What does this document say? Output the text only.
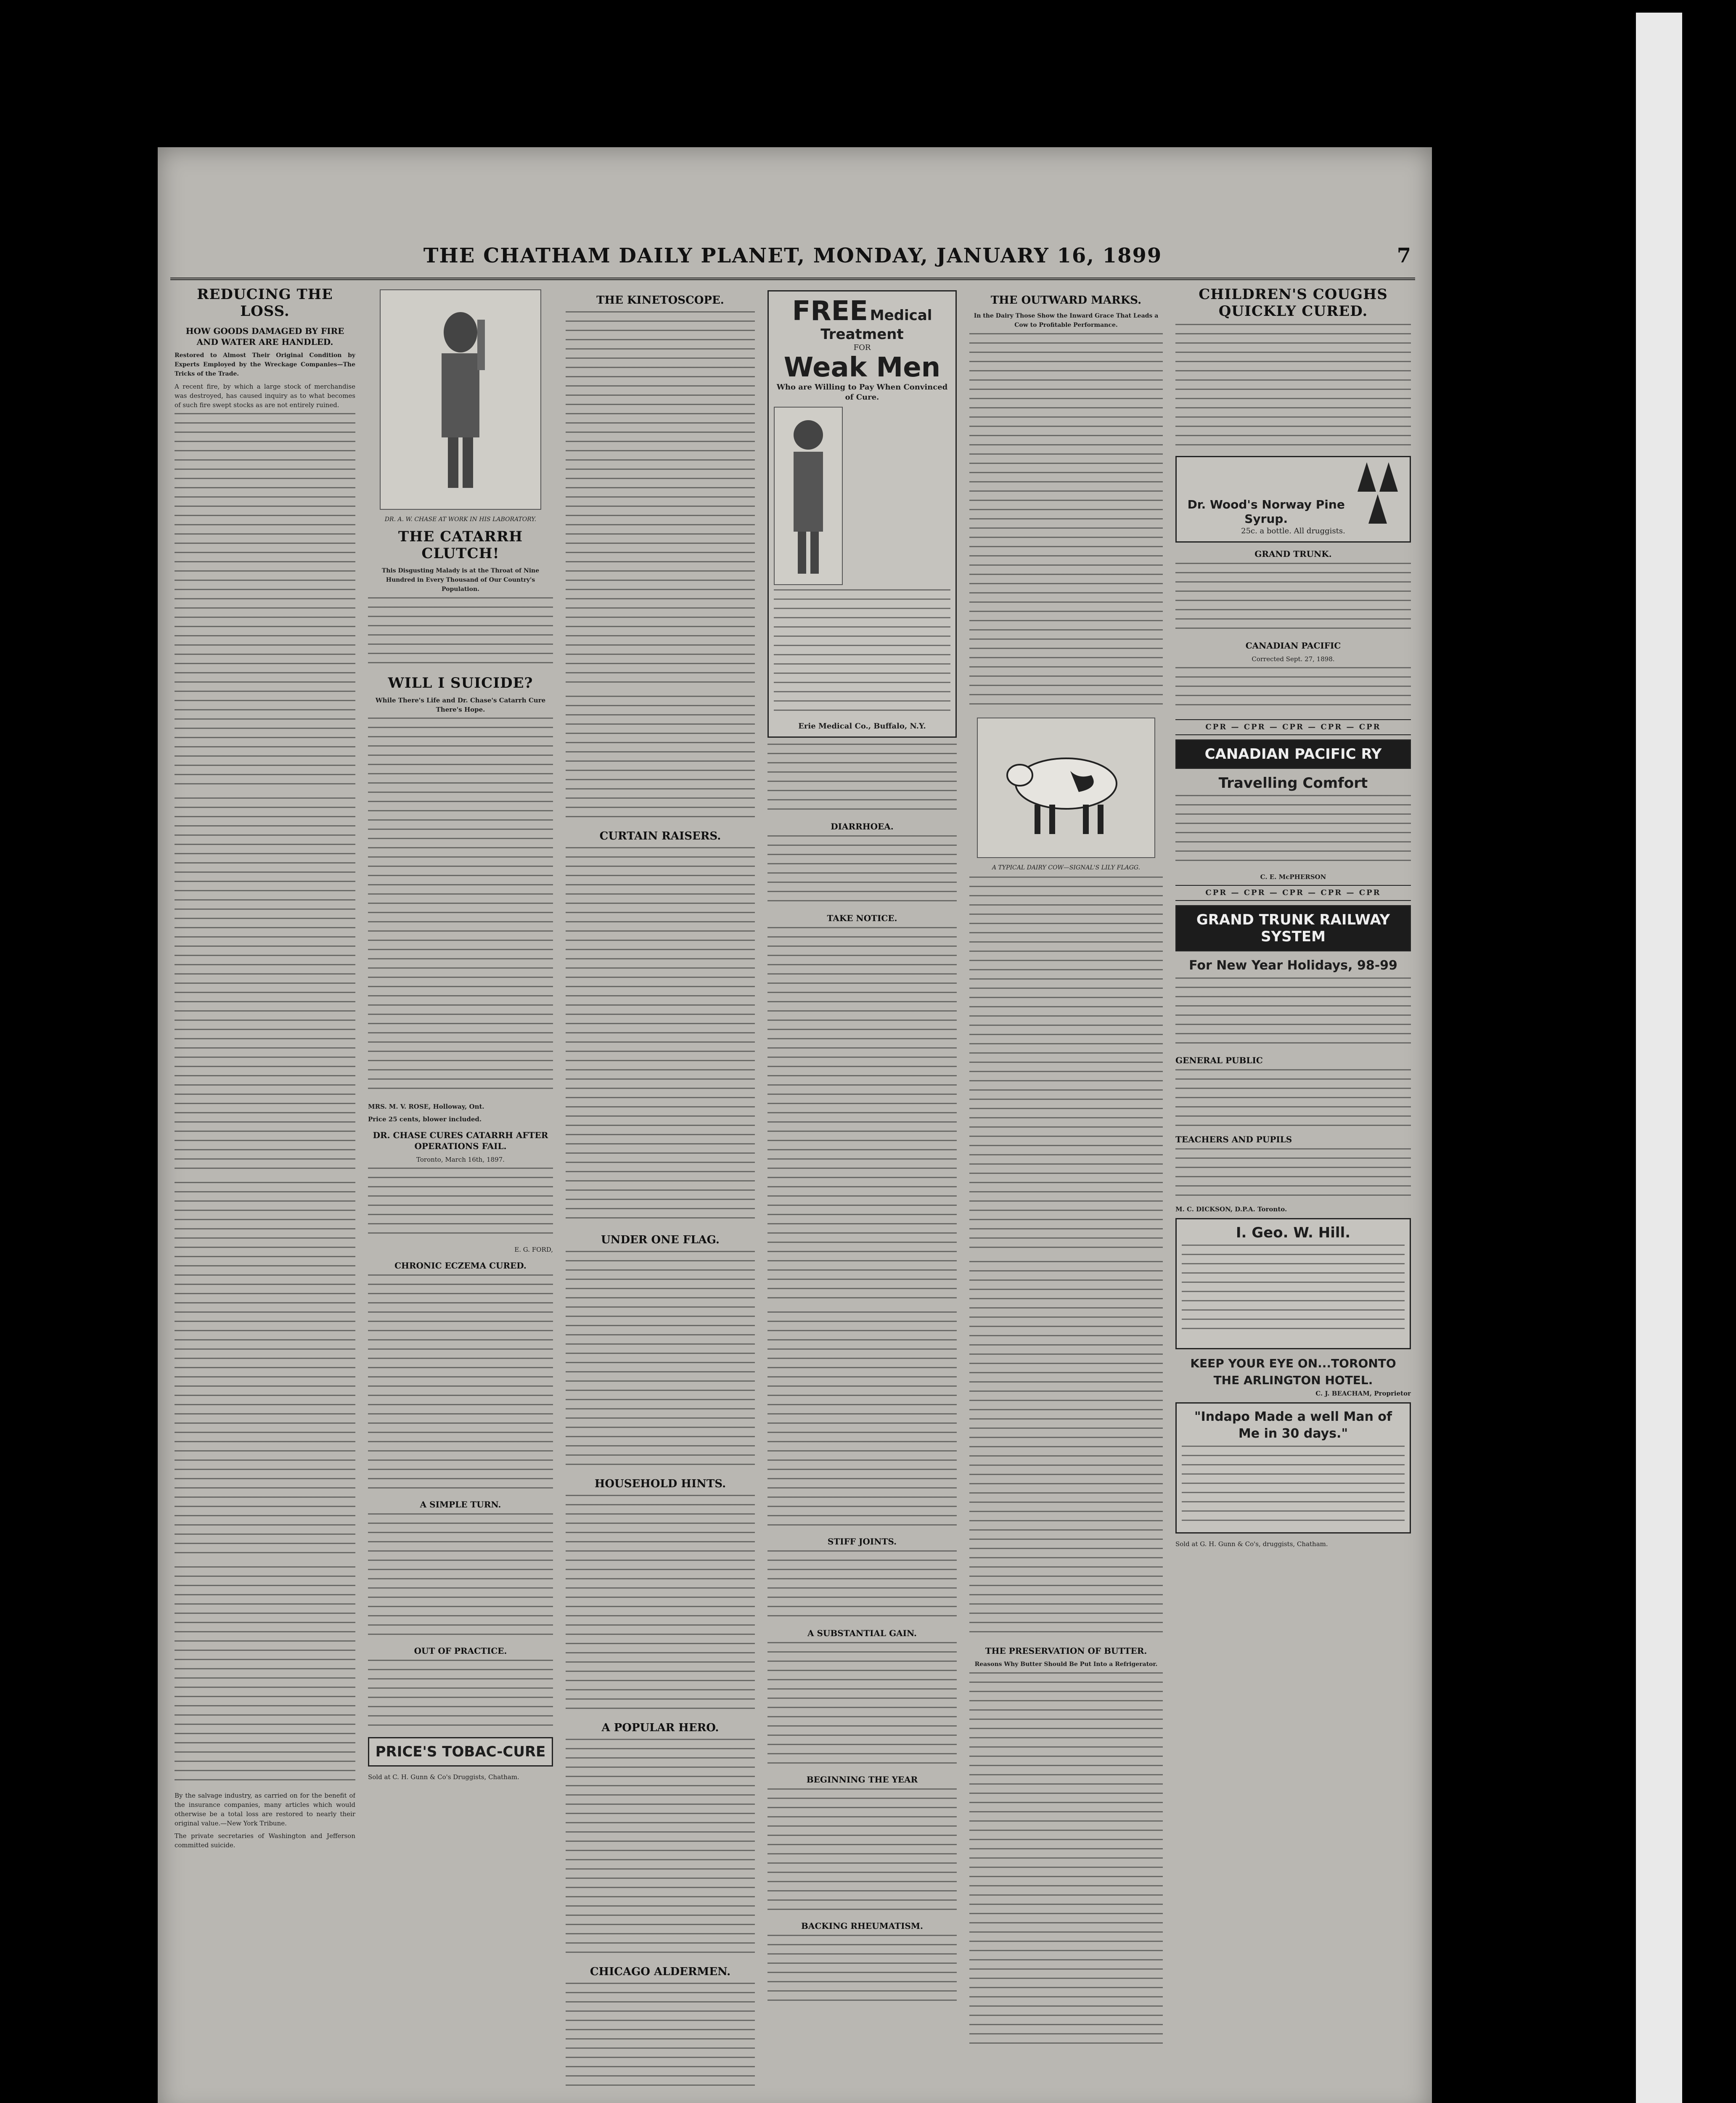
THE CHATHAM DAILY PLANET, MONDAY, JANUARY 16, 1899	7
REDUCING THE LOSS.
HOW GOODS DAMAGED BY FIRE AND WATER ARE HANDLED.

Restored to Almost Their Original Condition by Experts Employed by the Wreckage Companies—The Tricks of the Trade.

A recent fire, by which a large stock of merchandise was destroyed, has caused inquiry as to what becomes of such fire swept stocks as are not entirely ruined.

By the salvage industry, as carried on for the benefit of the insurance companies, many articles which would otherwise be a total loss are restored to nearly their original value.—New York Tribune.

The private secretaries of Washington and Jefferson committed suicide.

DR. A. W. CHASE AT WORK IN HIS LABORATORY.
THE CATARRH CLUTCH!

This Disgusting Malady is at the Throat of Nine Hundred in Every Thousand of Our Country's Population.

WILL I SUICIDE?

While There's Life and Dr. Chase's Catarrh Cure There's Hope.

MRS. M. V. ROSE, Holloway, Ont.

Price 25 cents, blower included.

DR. CHASE CURES CATARRH AFTER OPERATIONS FAIL.

Toronto, March 16th, 1897.

E. G. FORD,

CHRONIC ECZEMA CURED.
A SIMPLE TURN.
OUT OF PRACTICE.
PRICE'S TOBAC-CURE

Sold at C. H. Gunn & Co's Druggists, Chatham.

THE KINETOSCOPE.
CURTAIN RAISERS.
UNDER ONE FLAG.
HOUSEHOLD HINTS.
A POPULAR HERO.
CHICAGO ALDERMEN.
FREE Medical Treatment
FOR
Weak Men
Who are Willing to Pay When Convinced of Cure.
Erie Medical Co., Buffalo, N.Y.
DIARRHOEA.
TAKE NOTICE.
STIFF JOINTS.
A SUBSTANTIAL GAIN.
BEGINNING THE YEAR
BACKING RHEUMATISM.
THE OUTWARD MARKS.

In the Dairy Those Show the Inward Grace That Leads a Cow to Profitable Performance.

A TYPICAL DAIRY COW—SIGNAL'S LILY FLAGG.
THE PRESERVATION OF BUTTER.

Reasons Why Butter Should Be Put Into a Refrigerator.

CHILDREN'S COUGHS QUICKLY CURED.
Dr. Wood's Norway Pine Syrup.
25c. a bottle. All druggists.
GRAND TRUNK.
CANADIAN PACIFIC

Corrected Sept. 27, 1898.

CPR — CPR — CPR — CPR — CPR
CANADIAN PACIFIC RY
Travelling Comfort

C. E. McPHERSON

CPR — CPR — CPR — CPR — CPR
GRAND TRUNK RAILWAY SYSTEM
For New Year Holidays, 98-99
GENERAL PUBLIC
TEACHERS AND PUPILS

M. C. DICKSON, D.P.A. Toronto.

I. Geo. W. Hill.
KEEP YOUR EYE ON...TORONTO
THE ARLINGTON HOTEL.

C. J. BEACHAM, Proprietor

"Indapo Made a well Man of Me in 30 days."

Sold at G. H. Gunn & Co's, druggists, Chatham.
